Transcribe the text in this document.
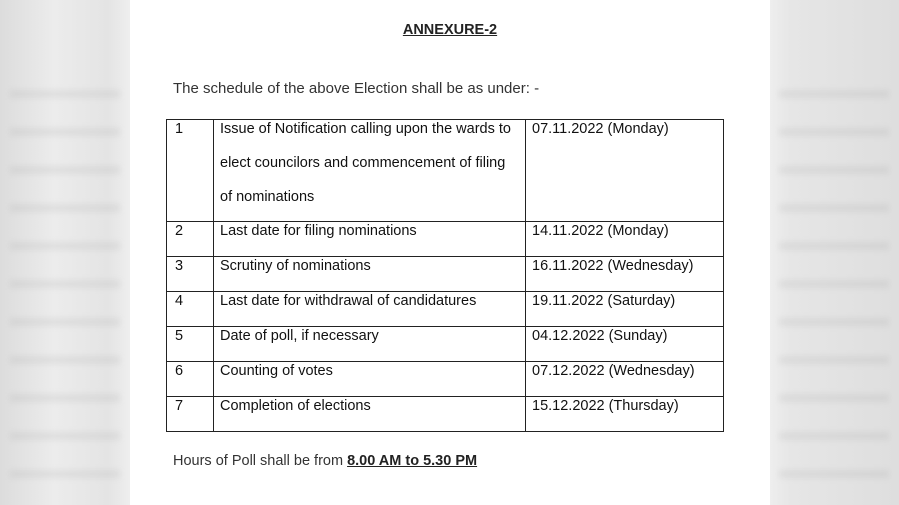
ANNEXURE-2
The schedule of the above Election shall be as under: -
1	Issue of Notification calling upon the wards to elect councilors and commencement of filing of nominations	07.11.2022 (Monday)
2	Last date for filing nominations	14.11.2022 (Monday)
3	Scrutiny of nominations	16.11.2022 (Wednesday)
4	Last date for withdrawal of candidatures	19.11.2022 (Saturday)
5	Date of poll, if necessary	04.12.2022 (Sunday)
6	Counting of votes	07.12.2022 (Wednesday)
7	Completion of elections	15.12.2022 (Thursday)
Hours of Poll shall be from 8.00 AM to 5.30 PM
